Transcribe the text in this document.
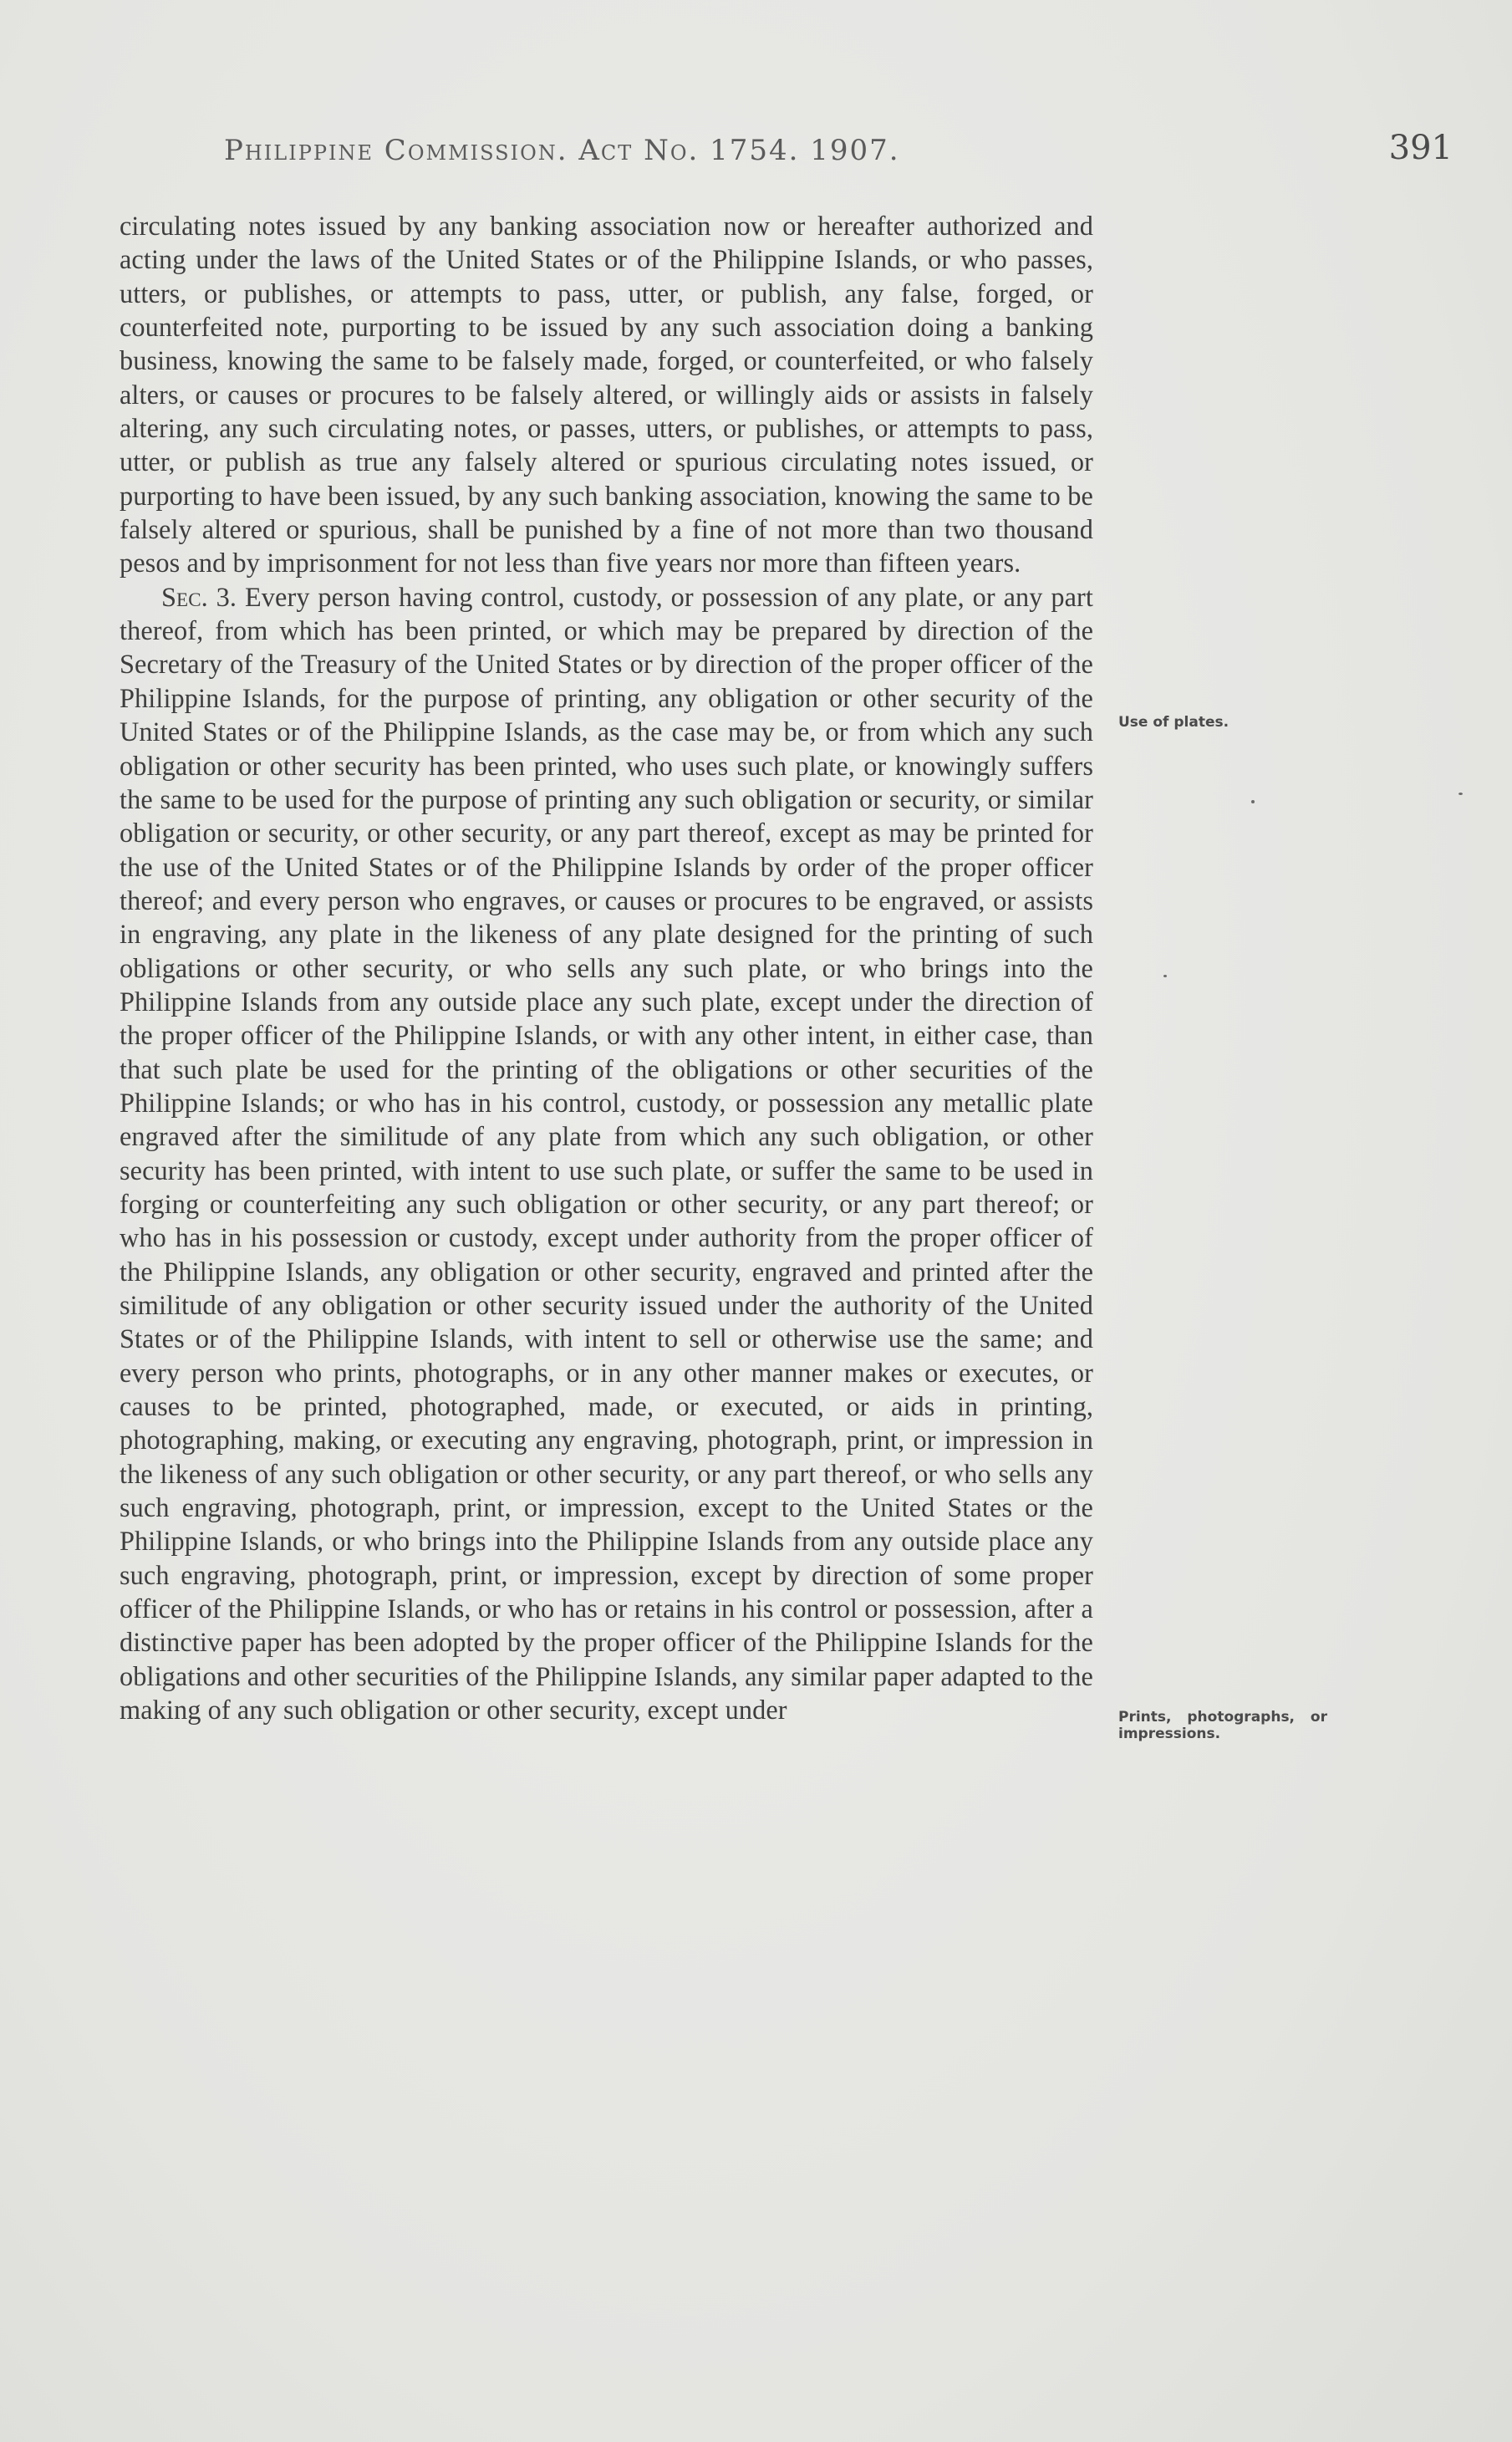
Philippine Commission. Act No. 1754. 1907.	391

circulating notes issued by any banking association now or hereafter authorized and acting under the laws of the United States or of the Philippine Islands, or who passes, utters, or publishes, or attempts to pass, utter, or publish, any false, forged, or counterfeited note, purporting to be issued by any such association doing a banking business, knowing the same to be falsely made, forged, or counterfeited, or who falsely alters, or causes or procures to be falsely altered, or willingly aids or assists in falsely altering, any such circulating notes, or passes, utters, or publishes, or attempts to pass, utter, or publish as true any falsely altered or spurious circulating notes issued, or purporting to have been issued, by any such banking association, knowing the same to be falsely altered or spurious, shall be punished by a fine of not more than two thousand pesos and by imprisonment for not less than five years nor more than fifteen years.

Sec. 3. Every person having control, custody, or possession of any plate, or any part thereof, from which has been printed, or which may be prepared by direction of the Secretary of the Treasury of the United States or by direction of the proper officer of the Philippine Islands, for the purpose of printing, any obligation or other security of the United States or of the Philippine Islands, as the case may be, or from which any such obligation or other security has been printed, who uses such plate, or knowingly suffers the same to be used for the purpose of printing any such obligation or security, or similar obligation or security, or other security, or any part thereof, except as may be printed for the use of the United States or of the Philippine Islands by order of the proper officer thereof; and every person who engraves, or causes or procures to be engraved, or assists in engraving, any plate in the likeness of any plate designed for the printing of such obligations or other security, or who sells any such plate, or who brings into the Philippine Islands from any outside place any such plate, except under the direction of the proper officer of the Philippine Islands, or with any other intent, in either case, than that such plate be used for the printing of the obligations or other securities of the Philippine Islands; or who has in his control, custody, or possession any metallic plate engraved after the similitude of any plate from which any such obligation, or other security has been printed, with intent to use such plate, or suffer the same to be used in forging or counterfeiting any such obligation or other security, or any part thereof; or who has in his possession or custody, except under authority from the proper officer of the Philippine Islands, any obligation or other security, engraved and printed after the similitude of any obligation or other security issued under the authority of the United States or of the Philippine Islands, with intent to sell or otherwise use the same; and every person who prints, photographs, or in any other manner makes or executes, or causes to be printed, photographed, made, or executed, or aids in printing, photographing, making, or executing any engraving, photograph, print, or impression in the likeness of any such obligation or other security, or any part thereof, or who sells any such engraving, photograph, print, or impression, except to the United States or the Philippine Islands, or who brings into the Philippine Islands from any outside place any such engraving, photograph, print, or impression, except by direction of some proper officer of the Philippine Islands, or who has or retains in his control or possession, after a distinctive paper has been adopted by the proper officer of the Philippine Islands for the obligations and other securities of the Philippine Islands, any similar paper adapted to the making of any such obligation or other security, except under

Use of plates.
Prints, photographs, or impressions.
